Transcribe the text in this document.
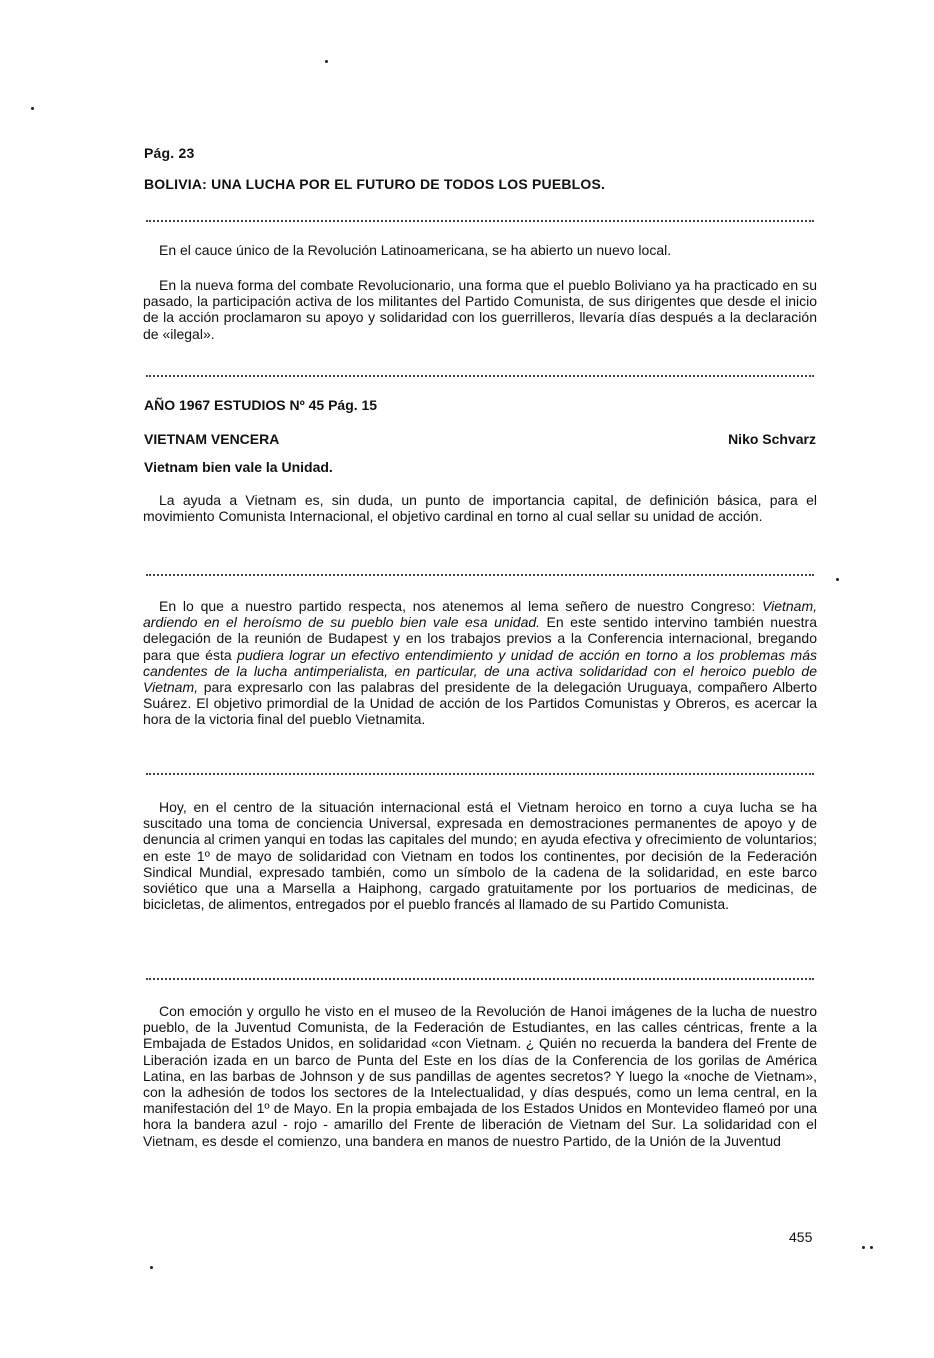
Pág. 23
BOLIVIA: UNA LUCHA POR EL FUTURO DE TODOS LOS PUEBLOS.

En el cauce único de la Revolución Latinoamericana, se ha abierto un nuevo local.

En la nueva forma del combate Revolucionario, una forma que el pueblo Boliviano ya ha practicado en su pasado, la participación activa de los militantes del Partido Comunista, de sus dirigentes que desde el inicio de la acción proclamaron su apoyo y solidaridad con los guerrilleros, llevaría días después a la declaración de «ilegal».

AÑO 1967 ESTUDIOS Nº 45 Pág. 15
VIETNAM VENCERA	Niko Schvarz
Vietnam bien vale la Unidad.

La ayuda a Vietnam es, sin duda, un punto de importancia capital, de definición básica, para el movimiento Comunista Internacional, el objetivo cardinal en torno al cual sellar su unidad de acción.

En lo que a nuestro partido respecta, nos atenemos al lema señero de nuestro Congreso: Vietnam, ardiendo en el heroísmo de su pueblo bien vale esa unidad. En este sentido intervino también nuestra delegación de la reunión de Budapest y en los trabajos previos a la Conferencia internacional, bregando para que ésta pudiera lograr un efectivo entendimiento y unidad de acción en torno a los problemas más candentes de la lucha antimperialista, en particular, de una activa solidaridad con el heroico pueblo de Vietnam, para expresarlo con las palabras del presidente de la delegación Uruguaya, compañero Alberto Suárez. El objetivo primordial de la Unidad de acción de los Partidos Comunistas y Obreros, es acercar la hora de la victoria final del pueblo Vietnamita.

Hoy, en el centro de la situación internacional está el Vietnam heroico en torno a cuya lucha se ha suscitado una toma de conciencia Universal, expresada en demostraciones permanentes de apoyo y de denuncia al crimen yanqui en todas las capitales del mundo; en ayuda efectiva y ofrecimiento de voluntarios; en este 1º de mayo de solidaridad con Vietnam en todos los continentes, por decisión de la Federación Sindical Mundial, expresado también, como un símbolo de la cadena de la solidaridad, en este barco soviético que una a Marsella a Haiphong, cargado gratuitamente por los portuarios de medicinas, de bicicletas, de alimentos, entregados por el pueblo francés al llamado de su Partido Comunista.

Con emoción y orgullo he visto en el museo de la Revolución de Hanoi imágenes de la lucha de nuestro pueblo, de la Juventud Comunista, de la Federación de Estudiantes, en las calles céntricas, frente a la Embajada de Estados Unidos, en solidaridad «con Vietnam. ¿ Quién no recuerda la bandera del Frente de Liberación izada en un barco de Punta del Este en los días de la Conferencia de los gorilas de América Latina, en las barbas de Johnson y de sus pandillas de agentes secretos? Y luego la «noche de Vietnam», con la adhesión de todos los sectores de la Intelectualidad, y días después, como un lema central, en la manifestación del 1º de Mayo. En la propia embajada de los Estados Unidos en Montevideo flameó por una hora la bandera azul - rojo - amarillo del Frente de liberación de Vietnam del Sur. La solidaridad con el Vietnam, es desde el comienzo, una bandera en manos de nuestro Partido, de la Unión de la Juventud

455
